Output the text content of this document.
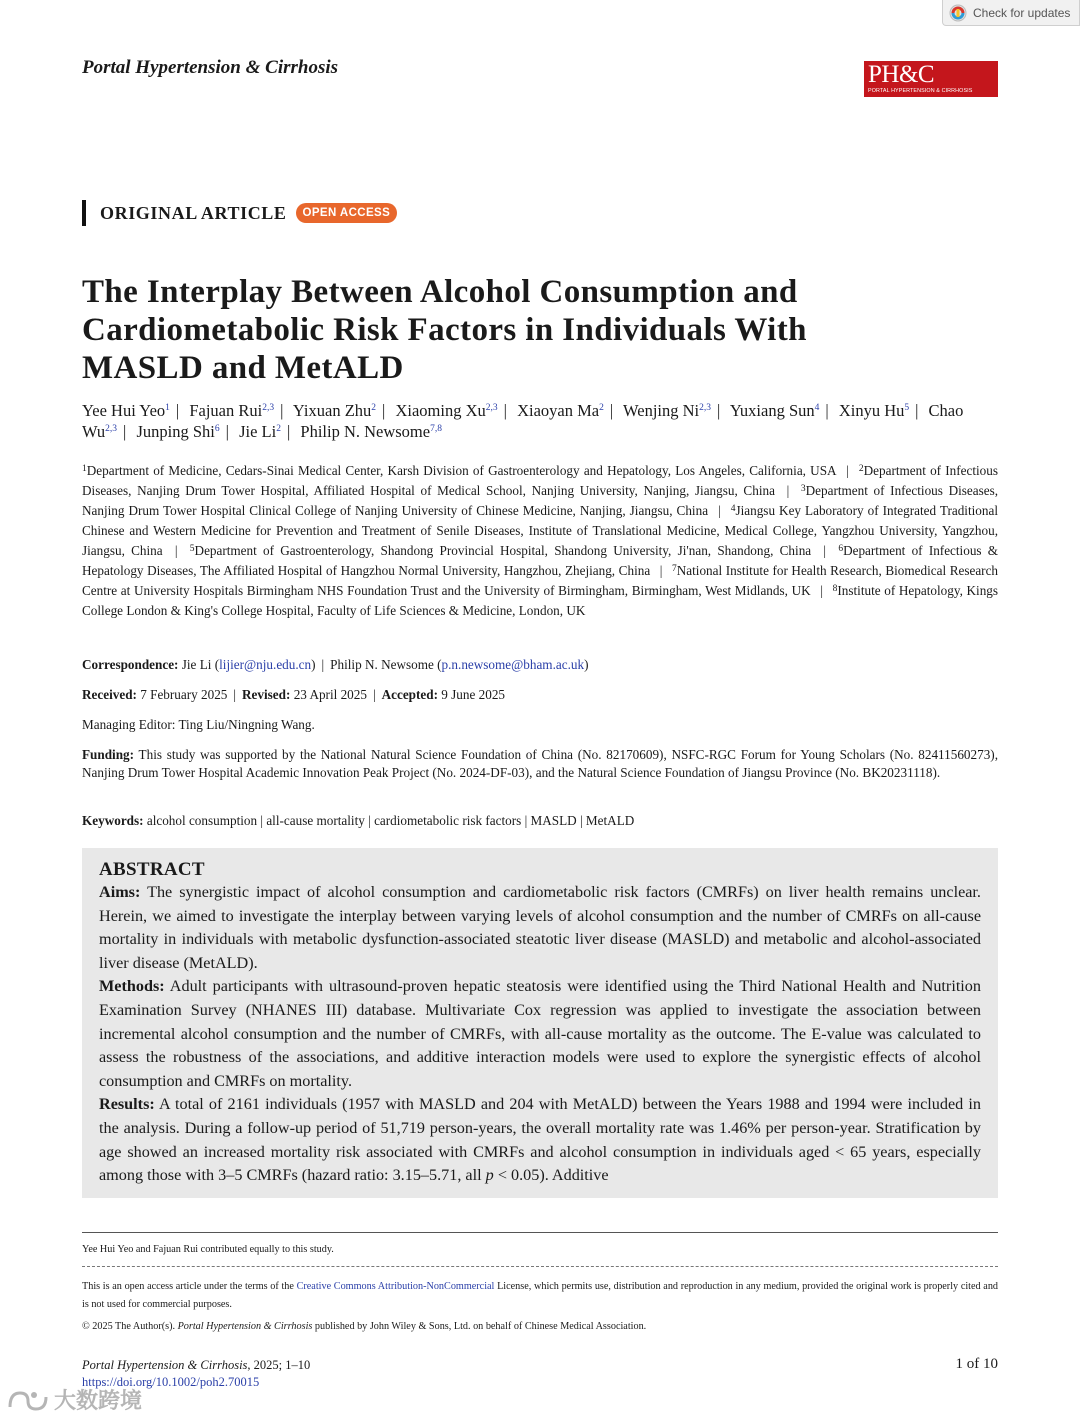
Check for updates
Portal Hypertension & Cirrhosis	PH&C
PORTAL HYPERTENSION & CIRRHOSIS
ORIGINAL ARTICLE	OPEN ACCESS
The Interplay Between Alcohol Consumption and Cardiometabolic Risk Factors in Individuals With MASLD and MetALD
Yee Hui Yeo$^1$ | Fajuan Rui$^{2,3}$ | Yixuan Zhu$^2$ | Xiaoming Xu$^{2,3}$ | Xiaoyan Ma$^2$ | Wenjing Ni$^{2,3}$ | Yuxiang Sun$^4$ | Xinyu Hu$^5$ | Chao Wu$^{2,3}$ | Junping Shi$^6$ | Jie Li$^2$ | Philip N. Newsome$^{7,8}$
$^1$Department of Medicine, Cedars-Sinai Medical Center, Karsh Division of Gastroenterology and Hepatology, Los Angeles, California, USA | $^2$Department of Infectious Diseases, Nanjing Drum Tower Hospital, Affiliated Hospital of Medical School, Nanjing University, Nanjing, Jiangsu, China | $^3$Department of Infectious Diseases, Nanjing Drum Tower Hospital Clinical College of Nanjing University of Chinese Medicine, Nanjing, Jiangsu, China | $^4$Jiangsu Key Laboratory of Integrated Traditional Chinese and Western Medicine for Prevention and Treatment of Senile Diseases, Institute of Translational Medicine, Medical College, Yangzhou University, Yangzhou, Jiangsu, China | $^5$Department of Gastroenterology, Shandong Provincial Hospital, Shandong University, Ji'nan, Shandong, China | $^6$Department of Infectious & Hepatology Diseases, The Affiliated Hospital of Hangzhou Normal University, Hangzhou, Zhejiang, China | $^7$National Institute for Health Research, Biomedical Research Centre at University Hospitals Birmingham NHS Foundation Trust and the University of Birmingham, Birmingham, West Midlands, UK | $^8$Institute of Hepatology, Kings College London & King's College Hospital, Faculty of Life Sciences & Medicine, London, UK
Correspondence: Jie Li (lijier@nju.edu.cn) | Philip N. Newsome (p.n.newsome@bham.ac.uk)
Received: 7 February 2025 | Revised: 23 April 2025 | Accepted: 9 June 2025
Managing Editor: Ting Liu/Ningning Wang.
Funding: This study was supported by the National Natural Science Foundation of China (No. 82170609), NSFC-RGC Forum for Young Scholars (No. 82411560273), Nanjing Drum Tower Hospital Academic Innovation Peak Project (No. 2024-DF-03), and the Natural Science Foundation of Jiangsu Province (No. BK20231118).
Keywords: alcohol consumption | all-cause mortality | cardiometabolic risk factors | MASLD | MetALD
ABSTRACT
Aims: The synergistic impact of alcohol consumption and cardiometabolic risk factors (CMRFs) on liver health remains unclear. Herein, we aimed to investigate the interplay between varying levels of alcohol consumption and the number of CMRFs on all-cause mortality in individuals with metabolic dysfunction-associated steatotic liver disease (MASLD) and metabolic and alcohol-associated liver disease (MetALD).
Methods: Adult participants with ultrasound-proven hepatic steatosis were identified using the Third National Health and Nutrition Examination Survey (NHANES III) database. Multivariate Cox regression was applied to investigate the association between incremental alcohol consumption and the number of CMRFs, with all-cause mortality as the outcome. The E-value was calculated to assess the robustness of the associations, and additive interaction models were used to explore the synergistic effects of alcohol consumption and CMRFs on mortality.
Results: A total of 2161 individuals (1957 with MASLD and 204 with MetALD) between the Years 1988 and 1994 were included in the analysis. During a follow-up period of 51,719 person-years, the overall mortality rate was 1.46% per person-year. Stratification by age showed an increased mortality risk associated with CMRFs and alcohol consumption in individuals aged < 65 years, especially among those with 3–5 CMRFs (hazard ratio: 3.15–5.71, all p < 0.05). Additive
Yee Hui Yeo and Fajuan Rui contributed equally to this study.
This is an open access article under the terms of the Creative Commons Attribution-NonCommercial License, which permits use, distribution and reproduction in any medium, provided the original work is properly cited and is not used for commercial purposes.
© 2025 The Author(s). Portal Hypertension & Cirrhosis published by John Wiley & Sons, Ltd. on behalf of Chinese Medical Association.
Portal Hypertension & Cirrhosis, 2025; 1–10
https://doi.org/10.1002/poh2.70015
1 of 10
大数跨境
